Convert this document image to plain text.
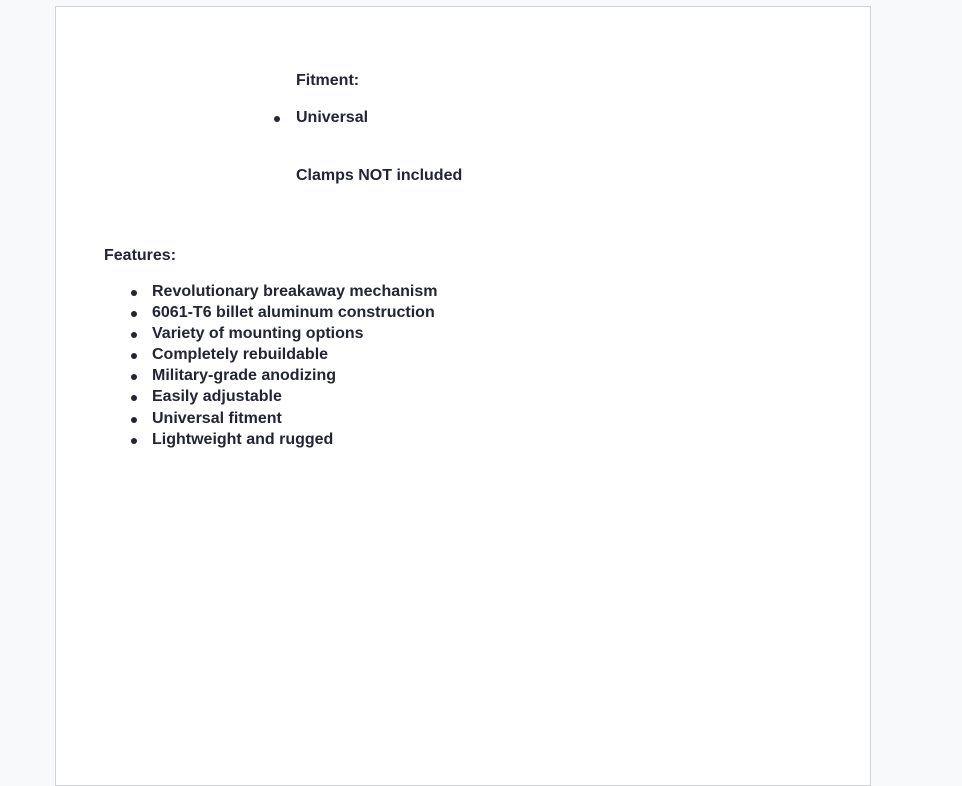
Fitment:
Universal
Clamps NOT included
Features:
Revolutionary breakaway mechanism
6061-T6 billet aluminum construction
Variety of mounting options
Completely rebuildable
Military-grade anodizing
Easily adjustable
Universal fitment
Lightweight and rugged
